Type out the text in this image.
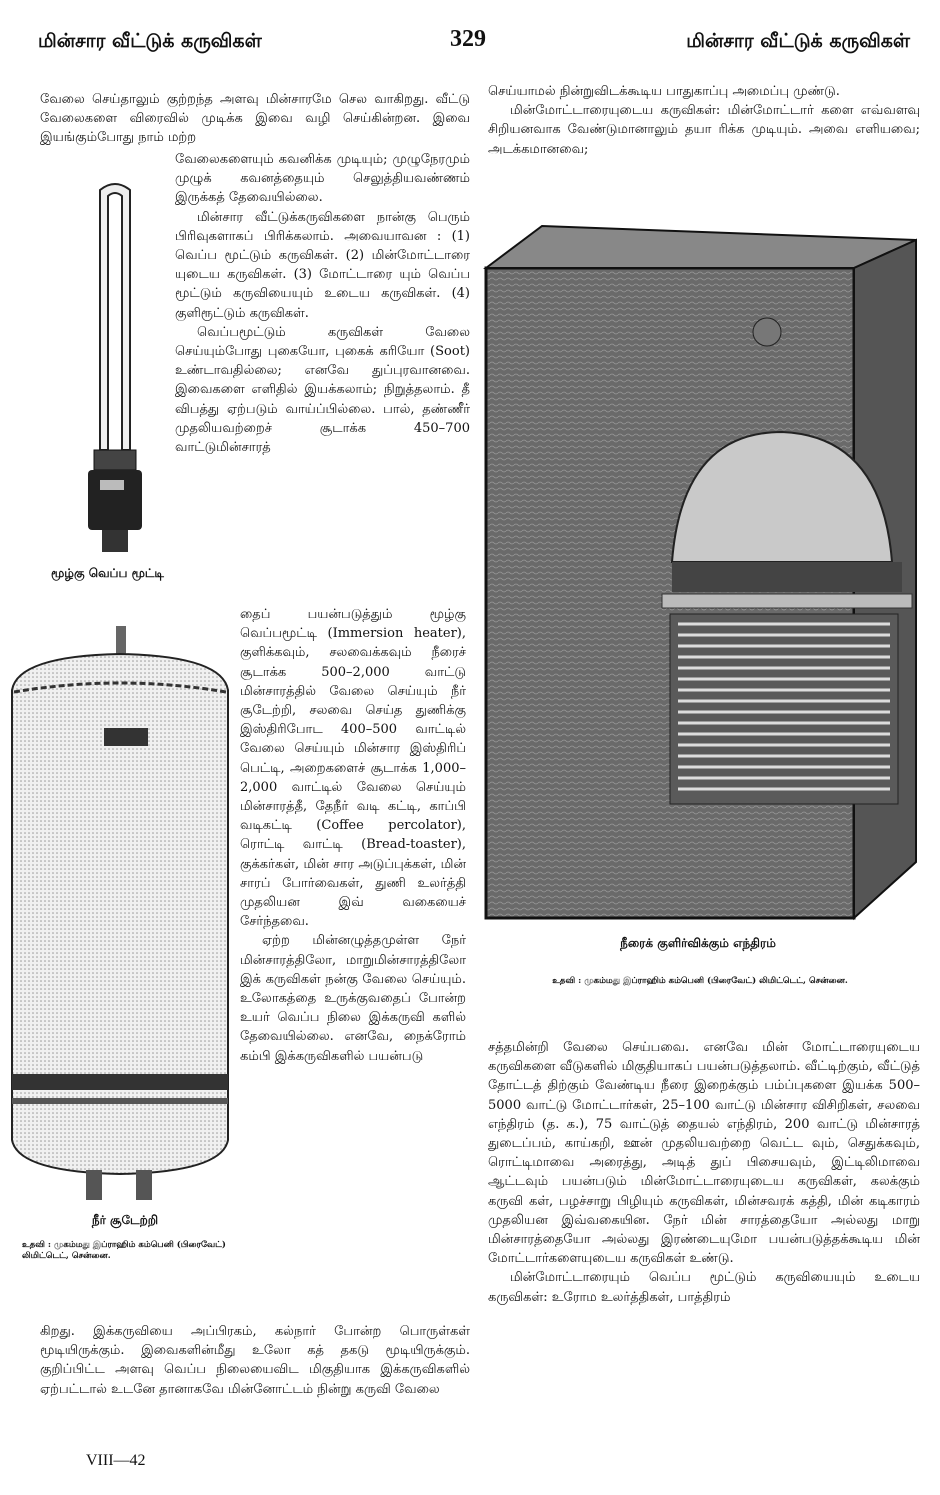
மின்சார வீட்டுக் கருவிகள்	329	மின்சார வீட்டுக் கருவிகள்

வேலை செய்தாலும் குற்றந்த அளவு மின்சாரமே செல வாகிறது. வீட்டு வேலைகளை விரைவில் முடிக்க இவை வழி செய்கின்றன. இவை இயங்கும்போது நாம் மற்ற

வேலைகளையும் கவனிக்க முடியும்; முழுநேரமும் முழுக் கவனத்தையும் செலுத்தியவண்ணம் இருக்கத் தேவையில்லை.

மின்சார வீட்டுக்கருவிகளை நான்கு பெரும் பிரிவுகளாகப் பிரிக்கலாம். அவையாவன : (1) வெப்ப மூட்டும் கருவிகள். (2) மின்மோட்டாரை யுடைய கருவிகள். (3) மோட்டாரை யும் வெப்ப மூட்டும் கருவியையும் உடைய கருவிகள். (4) குளிரூட்டும் கருவிகள்.

வெப்பமூட்டும் கருவிகள் வேலை செய்யும்போது புகையோ, புகைக் கரியோ (Soot) உண்டாவதில்லை; எனவே துப்புரவானவை. இவைகளை எளிதில் இயக்கலாம்; நிறுத்தலாம். தீ விபத்து ஏற்படும் வாய்ப்பில்லை. பால், தண்ணீர் முதலியவற்றைச் சூடாக்க 450–700 வாட்டுமின்சாரத்

தைப் பயன்படுத்தும் மூழ்கு வெப்பமூட்டி (Immersion heater), குளிக்கவும், சலவைக்கவும் நீரைச் சூடாக்க 500–2,000 வாட்டு மின்சாரத்தில் வேலை செய்யும் நீர் சூடேற்றி, சலவை செய்த துணிக்கு இஸ்திரிபோட 400–500 வாட்டில் வேலை செய்யும் மின்சார இஸ்திரிப் பெட்டி, அறைகளைச் சூடாக்க 1,000–2,000 வாட்டில் வேலை செய்யும் மின்சாரத்தீ, தேநீர் வடி கட்டி, காப்பி வடிகட்டி (Coffee percolator), ரொட்டி வாட்டி (Bread-toaster), குக்கர்கள், மின் சார அடுப்புக்கள், மின் சாரப் போர்வைகள், துணி உலர்த்தி முதலியன இவ் வகையைச் சேர்ந்தவை.

ஏற்ற மின்னழுத்தமுள்ள நேர் மின்சாரத்திலோ, மாறுமின்சாரத்திலோ இக் கருவிகள் நன்கு வேலை செய்யும். உலோகத்தை உருக்குவதைப் போன்ற உயர் வெப்ப நிலை இக்கருவி களில் தேவையில்லை. எனவே, நைக்ரோம் கம்பி இக்கருவிகளில் பயன்படு

கிறது. இக்கருவியை அப்பிரகம், கல்நார் போன்ற பொருள்கள் மூடியிருக்கும். இவைகளின்மீது உலோ கத் தகடு மூடியிருக்கும். குறிப்பிட்ட அளவு வெப்ப நிலையைவிட மிகுதியாக இக்கருவிகளில் ஏற்பட்டால் உடனே தானாகவே மின்னோட்டம் நின்று கருவி வேலை

மூழ்கு வெப்ப மூட்டி
நீர் சூடேற்றி
உதவி : முகம்மது இப்ராஹிம் கம்பெனி (பிரைவேட்) லிமிட்டெட், சென்னை.

செய்யாமல் நின்றுவிடக்கூடிய பாதுகாப்பு அமைப்பு முண்டு.

மின்மோட்டாரையுடைய கருவிகள்: மின்மோட்டார் களை எவ்வளவு சிறியனவாக வேண்டுமானாலும் தயா ரிக்க முடியும். அவை எளியவை; அடக்கமானவை;

நீரைக் குளிர்விக்கும் எந்திரம்
உதவி : முகம்மது இப்ராஹிம் கம்பெனி (பிரைவேட்) லிமிட்டெட், சென்னை.

சத்தமின்றி வேலை செய்பவை. எனவே மின் மோட்டாரையுடைய கருவிகளை வீடுகளில் மிகுதியாகப் பயன்படுத்தலாம். வீட்டிற்கும், வீட்டுத் தோட்டத் திற்கும் வேண்டிய நீரை இறைக்கும் பம்ப்புகளை இயக்க 500–5000 வாட்டு மோட்டார்கள், 25–100 வாட்டு மின்சார விசிறிகள், சலவை எந்திரம் (த. க.), 75 வாட்டுத் தையல் எந்திரம், 200 வாட்டு மின்சாரத் துடைப்பம், காய்கறி, ஊன் முதலியவற்றை வெட்ட வும், செதுக்கவும், ரொட்டிமாவை அரைத்து, அடித் துப் பிசையவும், இட்டிலிமாவை ஆட்டவும் பயன்படும் மின்மோட்டாரையுடைய கருவிகள், கலக்கும் கருவி கள், பழச்சாறு பிழியும் கருவிகள், மின்சவரக் கத்தி, மின் கடிகாரம் முதலியன இவ்வகையின. நேர் மின் சாரத்தையோ அல்லது மாறு மின்சாரத்தையோ அல்லது இரண்டையுமோ பயன்படுத்தக்கூடிய மின் மோட்டார்களையுடைய கருவிகள் உண்டு.

மின்மோட்டாரையும் வெப்ப மூட்டும் கருவியையும் உடைய கருவிகள்: உரோம உலர்த்திகள், பாத்திரம்

VIII—42
